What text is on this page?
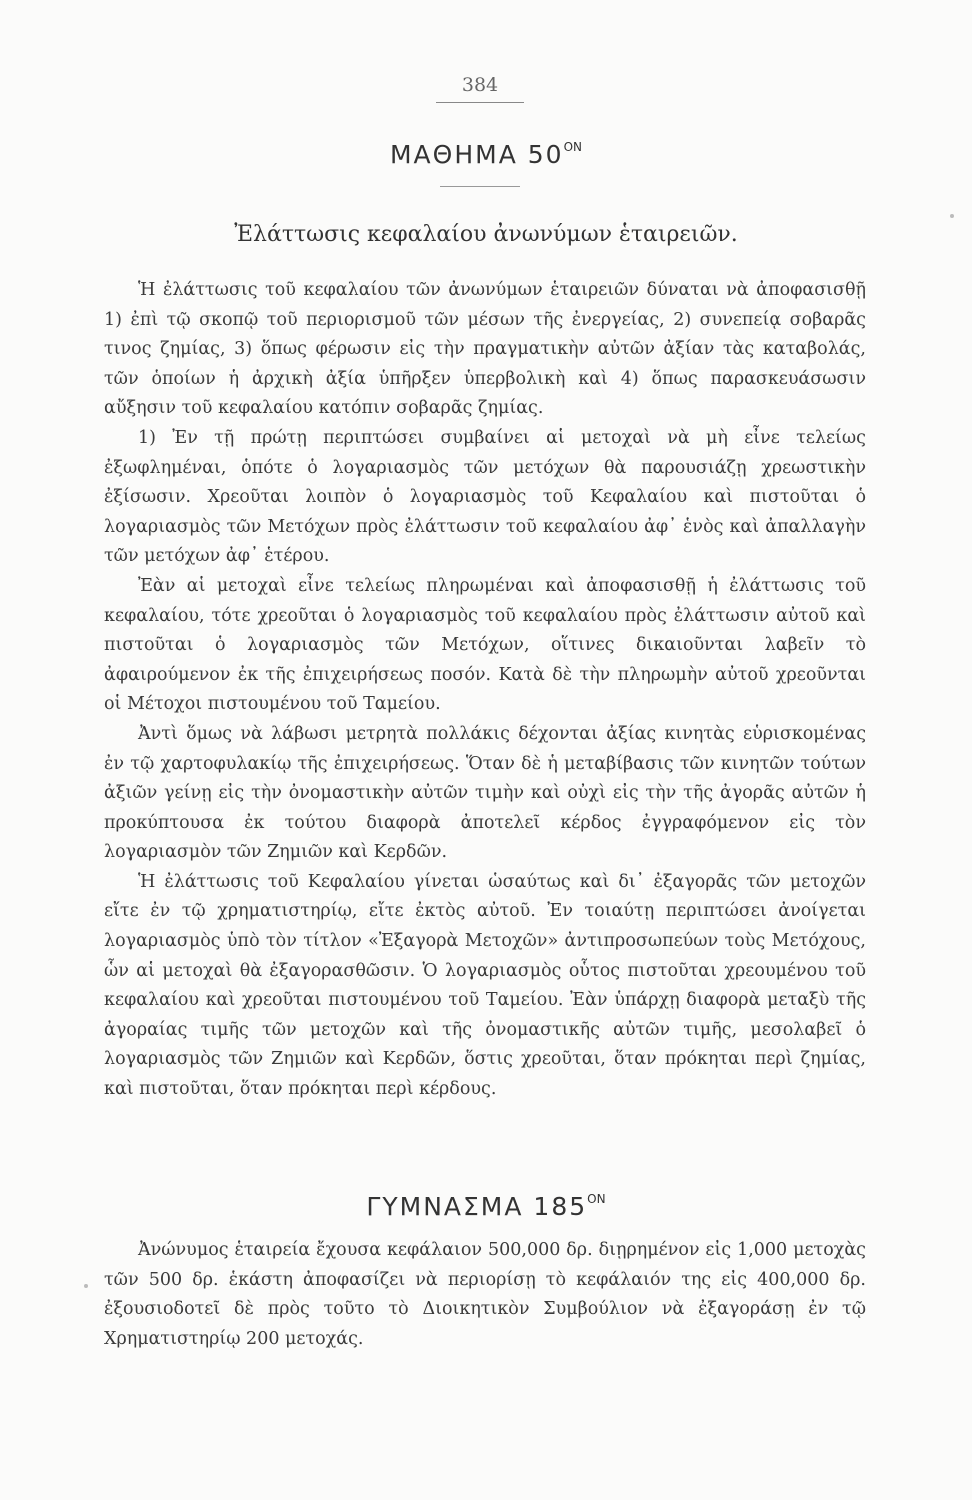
384
ΜΑΘΗΜΑ $50^{ON}$
Ἐλάττωσις κεφαλαίου ἀνωνύμων ἑταιρειῶν.

Ἡ ἐλάττωσις τοῦ κεφαλαίου τῶν ἀνωνύμων ἑταιρειῶν δύναται νὰ ἀποφασισθῇ 1) ἐπὶ τῷ σκοπῷ τοῦ περιορισμοῦ τῶν μέσων τῆς ἐνεργείας, 2) συνεπείᾳ σοβαρᾶς τινος ζημίας, 3) ὅπως φέρωσιν εἰς τὴν πραγματικὴν αὐτῶν ἀξίαν τὰς καταβολάς, τῶν ὁποίων ἡ ἀρχικὴ ἀξία ὑπῆρξεν ὑπερβολικὴ καὶ 4) ὅπως παρασκευάσωσιν αὔξησιν τοῦ κεφαλαίου κατόπιν σοβαρᾶς ζημίας.

1) Ἐν τῇ πρώτῃ περιπτώσει συμβαίνει αἱ μετοχαὶ νὰ μὴ εἶνε τελείως ἐξωφλημέναι, ὁπότε ὁ λογαριασμὸς τῶν μετόχων θὰ παρουσιάζῃ χρεωστικὴν ἐξίσωσιν. Χρεοῦται λοιπὸν ὁ λογαριασμὸς τοῦ Κεφαλαίου καὶ πιστοῦται ὁ λογαριασμὸς τῶν Μετόχων πρὸς ἐλάττωσιν τοῦ κεφαλαίου ἀφ᾽ ἑνὸς καὶ ἀπαλλαγὴν τῶν μετόχων ἀφ᾽ ἑτέρου.

Ἐὰν αἱ μετοχαὶ εἶνε τελείως πληρωμέναι καὶ ἀποφασισθῇ ἡ ἐλάττωσις τοῦ κεφαλαίου, τότε χρεοῦται ὁ λογαριασμὸς τοῦ κεφαλαίου πρὸς ἐλάττωσιν αὐτοῦ καὶ πιστοῦται ὁ λογαριασμὸς τῶν Μετόχων, οἵτινες δικαιοῦνται λαβεῖν τὸ ἀφαιρούμενον ἐκ τῆς ἐπιχειρήσεως ποσόν. Κατὰ δὲ τὴν πληρωμὴν αὐτοῦ χρεοῦνται οἱ Μέτοχοι πιστουμένου τοῦ Ταμείου.

Ἀντὶ ὅμως νὰ λάβωσι μετρητὰ πολλάκις δέχονται ἀξίας κινητὰς εὑρισκομένας ἐν τῷ χαρτοφυλακίῳ τῆς ἐπιχειρήσεως. Ὅταν δὲ ἡ μεταβίβασις τῶν κινητῶν τούτων ἀξιῶν γείνῃ εἰς τὴν ὀνομαστικὴν αὐτῶν τιμὴν καὶ οὐχὶ εἰς τὴν τῆς ἀγορᾶς αὐτῶν ἡ προκύπτουσα ἐκ τούτου διαφορὰ ἀποτελεῖ κέρδος ἐγγραφόμενον εἰς τὸν λογαριασμὸν τῶν Ζημιῶν καὶ Κερδῶν.

Ἡ ἐλάττωσις τοῦ Κεφαλαίου γίνεται ὡσαύτως καὶ δι᾽ ἐξαγορᾶς τῶν μετοχῶν εἴτε ἐν τῷ χρηματιστηρίῳ, εἴτε ἐκτὸς αὐτοῦ. Ἐν τοιαύτῃ περιπτώσει ἀνοίγεται λογαριασμὸς ὑπὸ τὸν τίτλον «Ἐξαγορὰ Μετοχῶν» ἀντιπροσωπεύων τοὺς Μετόχους, ὧν αἱ μετοχαὶ θὰ ἐξαγορασθῶσιν. Ὁ λογαριασμὸς οὗτος πιστοῦται χρεουμένου τοῦ κεφαλαίου καὶ χρεοῦται πιστουμένου τοῦ Ταμείου. Ἐὰν ὑπάρχῃ διαφορὰ μεταξὺ τῆς ἀγοραίας τιμῆς τῶν μετοχῶν καὶ τῆς ὀνομαστικῆς αὐτῶν τιμῆς, μεσολαβεῖ ὁ λογαριασμὸς τῶν Ζημιῶν καὶ Κερδῶν, ὅστις χρεοῦται, ὅταν πρόκηται περὶ ζημίας, καὶ πιστοῦται, ὅταν πρόκηται περὶ κέρδους.

ΓΥΜΝΑΣΜΑ $185^{ON}$

Ἀνώνυμος ἑταιρεία ἔχουσα κεφάλαιον 500,000 δρ. διῃρημένον εἰς 1,000 μετοχὰς τῶν 500 δρ. ἑκάστη ἀποφασίζει νὰ περιορίσῃ τὸ κεφάλαιόν της εἰς 400,000 δρ. ἐξουσιοδοτεῖ δὲ πρὸς τοῦτο τὸ Διοικητικὸν Συμβούλιον νὰ ἐξαγοράσῃ ἐν τῷ Χρηματιστηρίῳ 200 μετοχάς.
